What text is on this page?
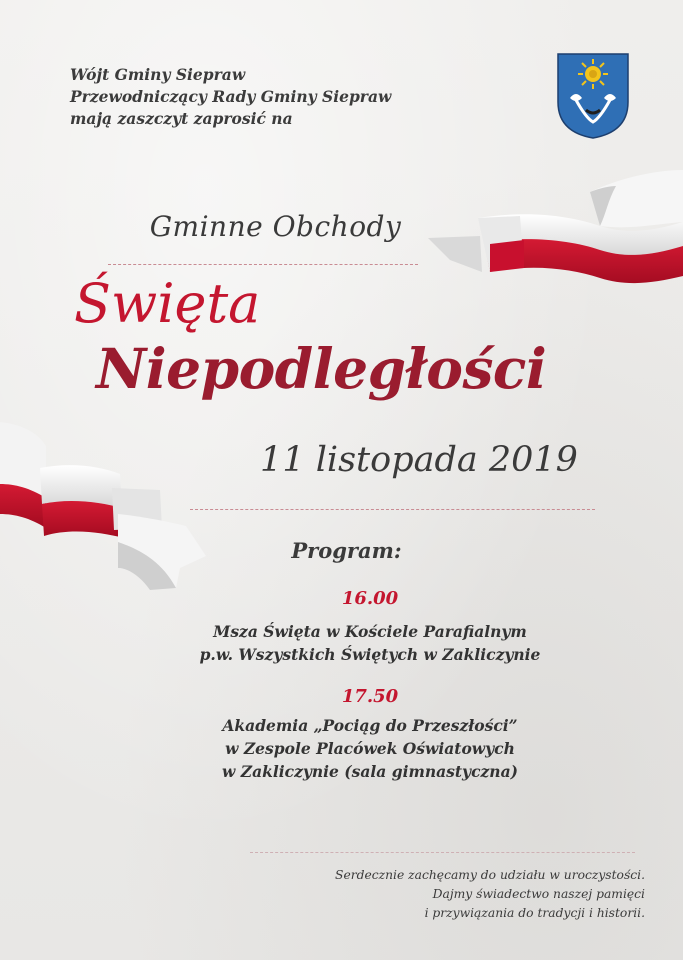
Wójt Gminy Siepraw
Przewodniczący Rady Gminy Siepraw
mają zaszczyt zaprosić na
Gminne Obchody
Święta
Niepodległości
11 listopada 2019
Program:
16.00
Msza Święta w Kościele Parafialnym
p.w. Wszystkich Świętych w Zakliczynie
17.50
Akademia „Pociąg do Przeszłości”
w Zespole Placówek Oświatowych
w Zakliczynie (sala gimnastyczna)
Serdecznie zachęcamy do udziału w uroczystości.
Dajmy świadectwo naszej pamięci
i przywiązania do tradycji i historii.
